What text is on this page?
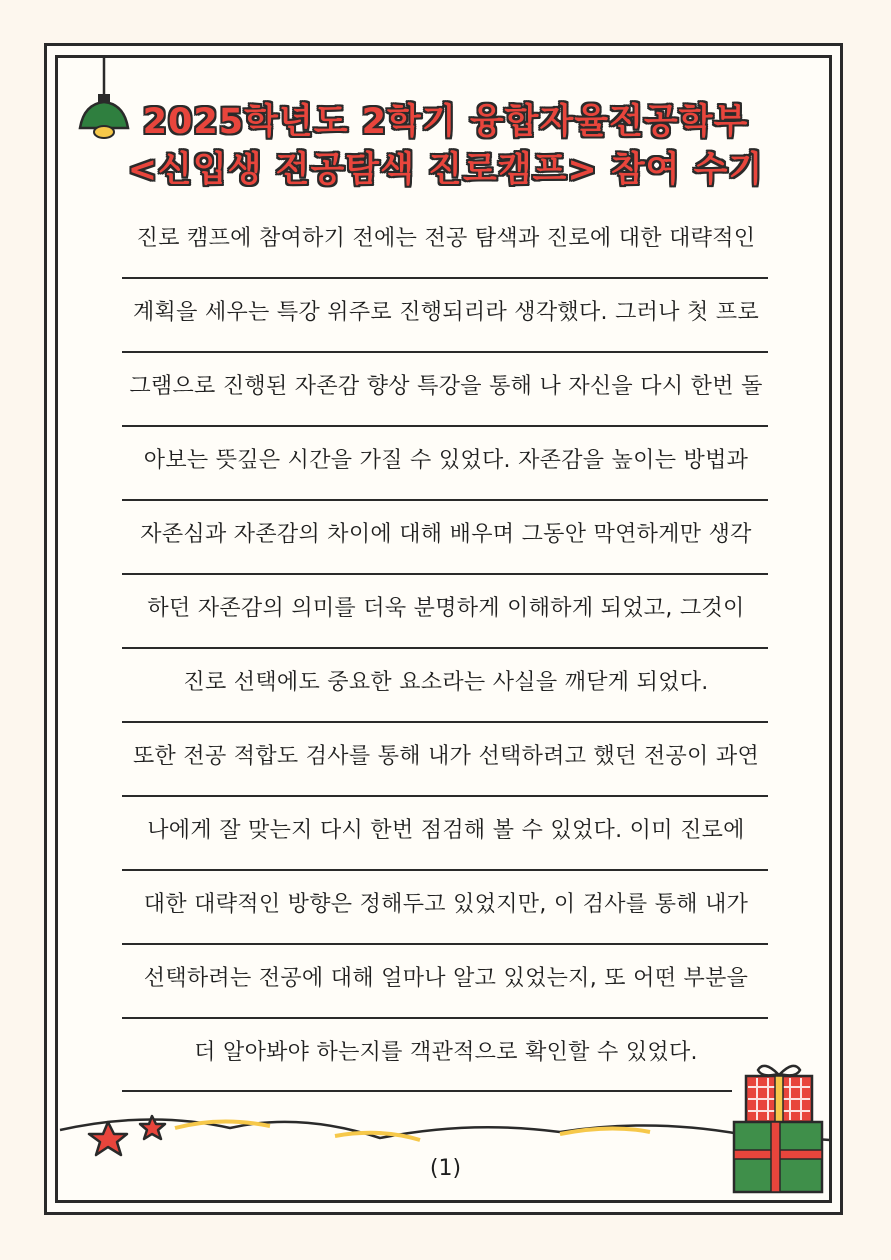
2025학년도 2학기 융합자율전공학부
<신입생 전공탐색 진로캠프> 참여 수기
진로 캠프에 참여하기 전에는 전공 탐색과 진로에 대한 대략적인
계획을 세우는 특강 위주로 진행되리라 생각했다. 그러나 첫 프로
그램으로 진행된 자존감 향상 특강을 통해 나 자신을 다시 한번 돌
아보는 뜻깊은 시간을 가질 수 있었다. 자존감을 높이는 방법과
자존심과 자존감의 차이에 대해 배우며 그동안 막연하게만 생각
하던 자존감의 의미를 더욱 분명하게 이해하게 되었고, 그것이
진로 선택에도 중요한 요소라는 사실을 깨닫게 되었다.
또한 전공 적합도 검사를 통해 내가 선택하려고 했던 전공이 과연
나에게 잘 맞는지 다시 한번 점검해 볼 수 있었다. 이미 진로에
대한 대략적인 방향은 정해두고 있었지만, 이 검사를 통해 내가
선택하려는 전공에 대해 얼마나 알고 있었는지, 또 어떤 부분을
더 알아봐야 하는지를 객관적으로 확인할 수 있었다.
(1)
